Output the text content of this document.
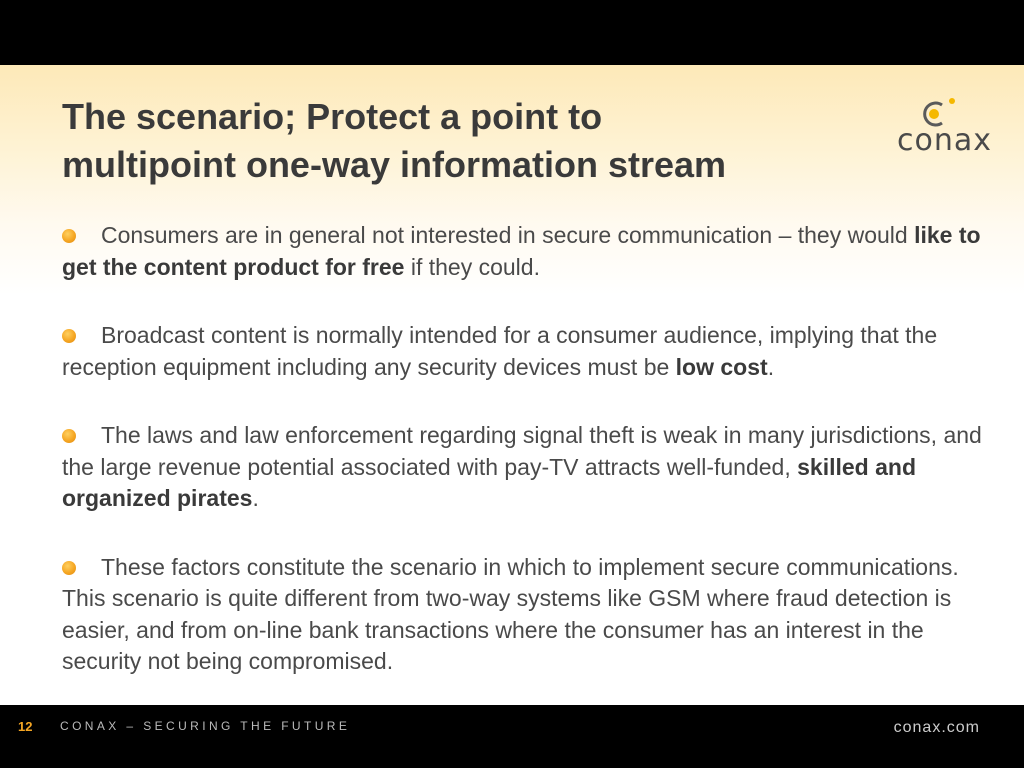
The scenario; Protect a point to
multipoint one-way information stream
conax

Consumers are in general not interested in secure communication – they would like to get the content product for free if they could.

Broadcast content is normally intended for a consumer audience, implying that the reception equipment including any security devices must be low cost.

The laws and law enforcement regarding signal theft is weak in many jurisdictions, and the large revenue potential associated with pay-TV attracts well-funded, skilled and organized pirates.

These factors constitute the scenario in which to implement secure communications. This scenario is quite different from two-way systems like GSM where fraud detection is easier, and from on-line bank transactions where the consumer has an interest in the security not being compromised.

12 CONAX – SECURING THE FUTURE	conax.com
